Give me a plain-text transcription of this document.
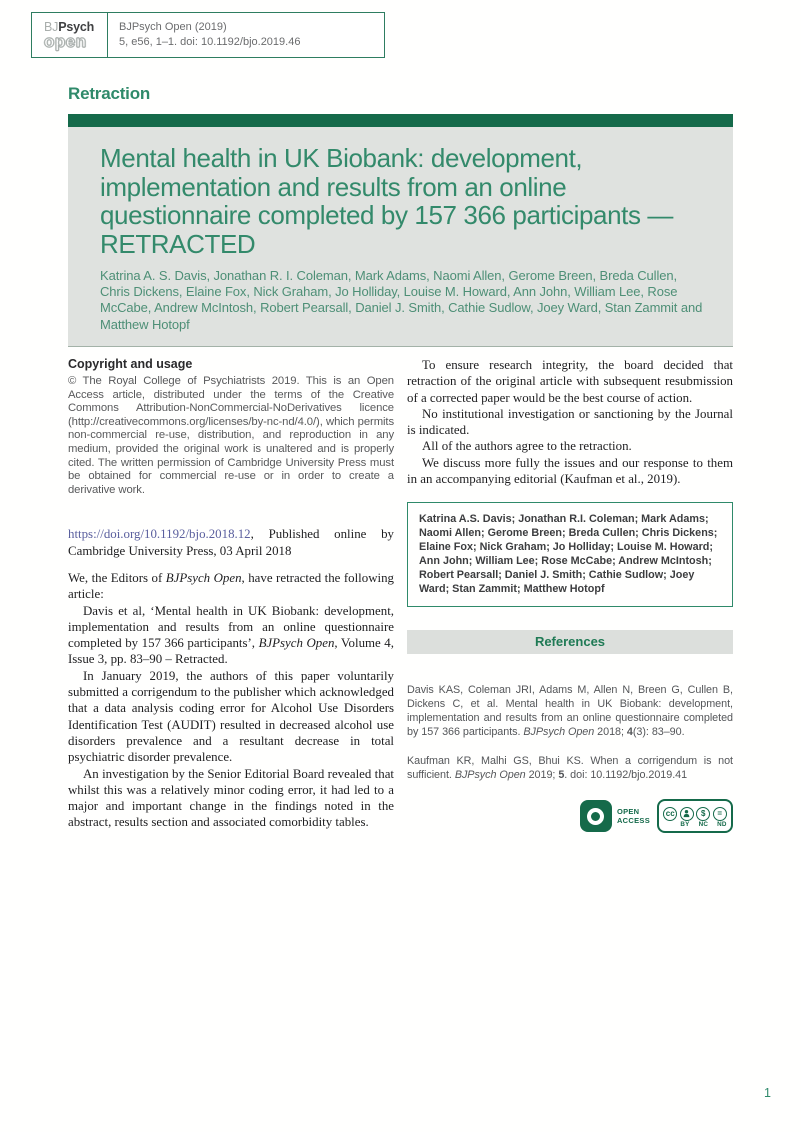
BJPsych
open
BJPsych Open (2019)
5, e56, 1–1. doi: 10.1192/bjo.2019.46
Retraction
Mental health in UK Biobank: development, implementation and results from an online questionnaire completed by 157 366 participants — RETRACTED
Katrina A. S. Davis, Jonathan R. I. Coleman, Mark Adams, Naomi Allen, Gerome Breen, Breda Cullen, Chris Dickens, Elaine Fox, Nick Graham, Jo Holliday, Louise M. Howard, Ann John, William Lee, Rose McCabe, Andrew McIntosh, Robert Pearsall, Daniel J. Smith, Cathie Sudlow, Joey Ward, Stan Zammit and Matthew Hotopf
Copyright and usage
© The Royal College of Psychiatrists 2019. This is an Open Access article, distributed under the terms of the Creative Commons Attribution-NonCommercial-NoDerivatives licence (http://creativecommons.org/licenses/by-nc-nd/4.0/), which permits non-commercial re-use, distribution, and reproduction in any medium, provided the original work is unaltered and is properly cited. The written permission of Cambridge University Press must be obtained for commercial re-use or in order to create a derivative work.

https://doi.org/10.1192/bjo.2018.12, Published online by Cambridge University Press, 03 April 2018

We, the Editors of BJPsych Open, have retracted the following article:

Davis et al, ‘Mental health in UK Biobank: development, implementation and results from an online questionnaire completed by 157 366 participants’, BJPsych Open, Volume 4, Issue 3, pp. 83–90 – Retracted.

In January 2019, the authors of this paper voluntarily submitted a corrigendum to the publisher which acknowledged that a data analysis coding error for Alcohol Use Disorders Identification Test (AUDIT) resulted in decreased alcohol use disorders prevalence and a resultant decrease in total psychiatric disorder prevalence.

An investigation by the Senior Editorial Board revealed that whilst this was a relatively minor coding error, it had led to a major and important change in the findings noted in the abstract, results section and associated comorbidity tables.

To ensure research integrity, the board decided that retraction of the original article with subsequent resubmission of a corrected paper would be the best course of action.

No institutional investigation or sanctioning by the Journal is indicated.

All of the authors agree to the retraction.

We discuss more fully the issues and our response to them in an accompanying editorial (Kaufman et al., 2019).

Katrina A.S. Davis; Jonathan R.I. Coleman; Mark Adams; Naomi Allen; Gerome Breen; Breda Cullen; Chris Dickens; Elaine Fox; Nick Graham; Jo Holliday; Louise M. Howard; Ann John; William Lee; Rose McCabe; Andrew McIntosh; Robert Pearsall; Daniel J. Smith; Cathie Sudlow; Joey Ward; Stan Zammit; Matthew Hotopf
References

Davis KAS, Coleman JRI, Adams M, Allen N, Breen G, Cullen B, Dickens C, et al. Mental health in UK Biobank: development, implementation and results from an online questionnaire completed by 157 366 participants. BJPsych Open 2018; 4(3): 83–90.

Kaufman KR, Malhi GS, Bhui KS. When a corrigendum is not sufficient. BJPsych Open 2019; 5. doi: 10.1192/bjo.2019.41

OPEN
ACCESS
cc	$	=
BY NC ND
1
